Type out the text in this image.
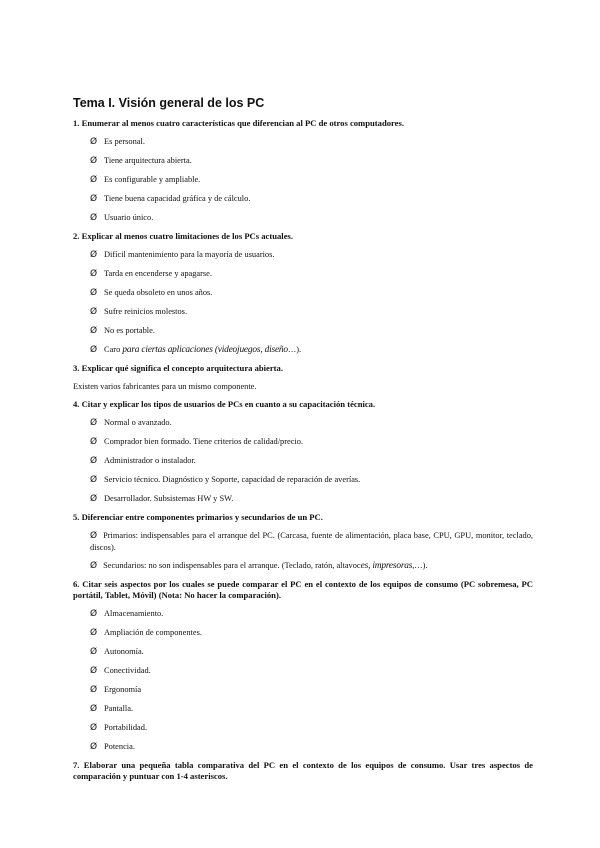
Tema I. Visión general de los PC
1. Enumerar al menos cuatro características que diferencian al PC de otros computadores.
Ø Es personal.
Ø Tiene arquitectura abierta.
Ø Es configurable y ampliable.
Ø Tiene buena capacidad gráfica y de cálculo.
Ø Usuario único.
2. Explicar al menos cuatro limitaciones de los PCs actuales.
Ø Difícil mantenimiento para la mayoría de usuarios.
Ø Tarda en encenderse y apagarse.
Ø Se queda obsoleto en unos años.
Ø Sufre reinicios molestos.
Ø No es portable.
Ø Caro para ciertas aplicaciones (videojuegos, diseño…).
3. Explicar qué significa el concepto arquitectura abierta.
Existen varios fabricantes para un mismo componente.
4. Citar y explicar los tipos de usuarios de PCs en cuanto a su capacitación técnica.
Ø Normal o avanzado.
Ø Comprador bien formado. Tiene criterios de calidad/precio.
Ø Administrador o instalador.
Ø Servicio técnico. Diagnóstico y Soporte, capacidad de reparación de averías.
Ø Desarrollador. Subsistemas HW y SW.
5. Diferenciar entre componentes primarios y secundarios de un PC.
Ø Primarios: indispensables para el arranque del PC. (Carcasa, fuente de alimentación, placa base, CPU, GPU, monitor, teclado, discos).
Ø Secundarios: no son indispensables para el arranque. (Teclado, ratón, altavoces, impresoras,…).
6. Citar seis aspectos por los cuales se puede comparar el PC en el contexto de los equipos de consumo (PC sobremesa, PC portátil, Tablet, Móvil) (Nota: No hacer la comparación).
Ø Almacenamiento.
Ø Ampliación de componentes.
Ø Autonomía.
Ø Conectividad.
Ø Ergonomía
Ø Pantalla.
Ø Portabilidad.
Ø Potencia.
7. Elaborar una pequeña tabla comparativa del PC en el contexto de los equipos de consumo. Usar tres aspectos de comparación y puntuar con 1-4 asteriscos.
